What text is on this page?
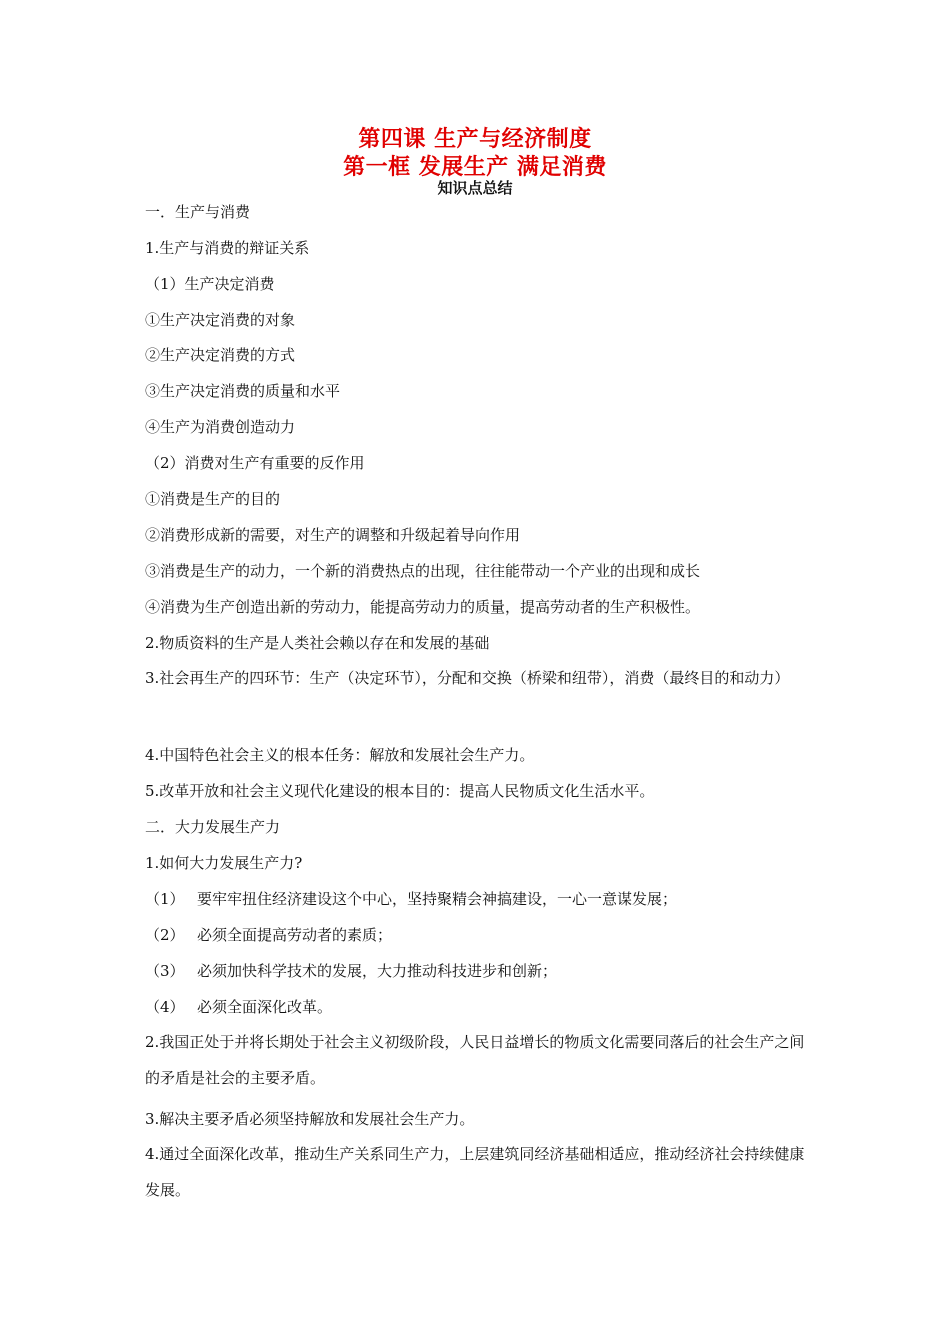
第四课 生产与经济制度
第一框 发展生产 满足消费
知识点总结
一．生产与消费
1.生产与消费的辩证关系
（1）生产决定消费
①生产决定消费的对象
②生产决定消费的方式
③生产决定消费的质量和水平
④生产为消费创造动力
（2）消费对生产有重要的反作用
①消费是生产的目的
②消费形成新的需要，对生产的调整和升级起着导向作用
③消费是生产的动力，一个新的消费热点的出现，往往能带动一个产业的出现和成长
④消费为生产创造出新的劳动力，能提高劳动力的质量，提高劳动者的生产积极性。
2.物质资料的生产是人类社会赖以存在和发展的基础
3.社会再生产的四环节：生产（决定环节），分配和交换（桥梁和纽带），消费（最终目的和动力）
4.中国特色社会主义的根本任务：解放和发展社会生产力。
5.改革开放和社会主义现代化建设的根本目的：提高人民物质文化生活水平。
二．大力发展生产力
1.如何大力发展生产力?
（1） 要牢牢扭住经济建设这个中心，坚持聚精会神搞建设，一心一意谋发展；
（2） 必须全面提高劳动者的素质；
（3） 必须加快科学技术的发展，大力推动科技进步和创新；
（4） 必须全面深化改革。
2.我国正处于并将长期处于社会主义初级阶段，人民日益增长的物质文化需要同落后的社会生产之间的矛盾是社会的主要矛盾。
3.解决主要矛盾必须坚持解放和发展社会生产力。
4.通过全面深化改革，推动生产关系同生产力，上层建筑同经济基础相适应，推动经济社会持续健康发展。
